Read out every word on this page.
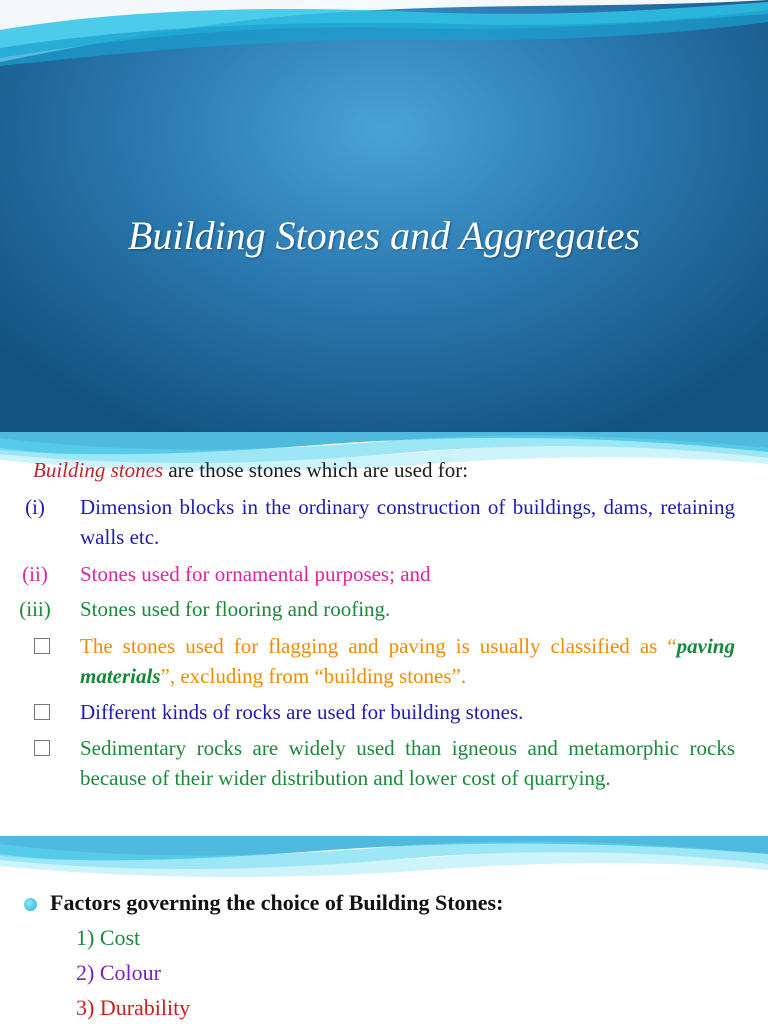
Building Stones and Aggregates
Building stones are those stones which are used for:
(i)	Dimension blocks in the ordinary construction of buildings, dams, retaining walls etc.
(ii)	Stones used for ornamental purposes; and
(iii)	Stones used for flooring and roofing.
The stones used for flagging and paving is usually classified as “paving materials”, excluding from “building stones”.
Different kinds of rocks are used for building stones.
Sedimentary rocks are widely used than igneous and metamorphic rocks because of their wider distribution and lower cost of quarrying.
Factors governing the choice of Building Stones:
1) Cost
2) Colour
3) Durability
